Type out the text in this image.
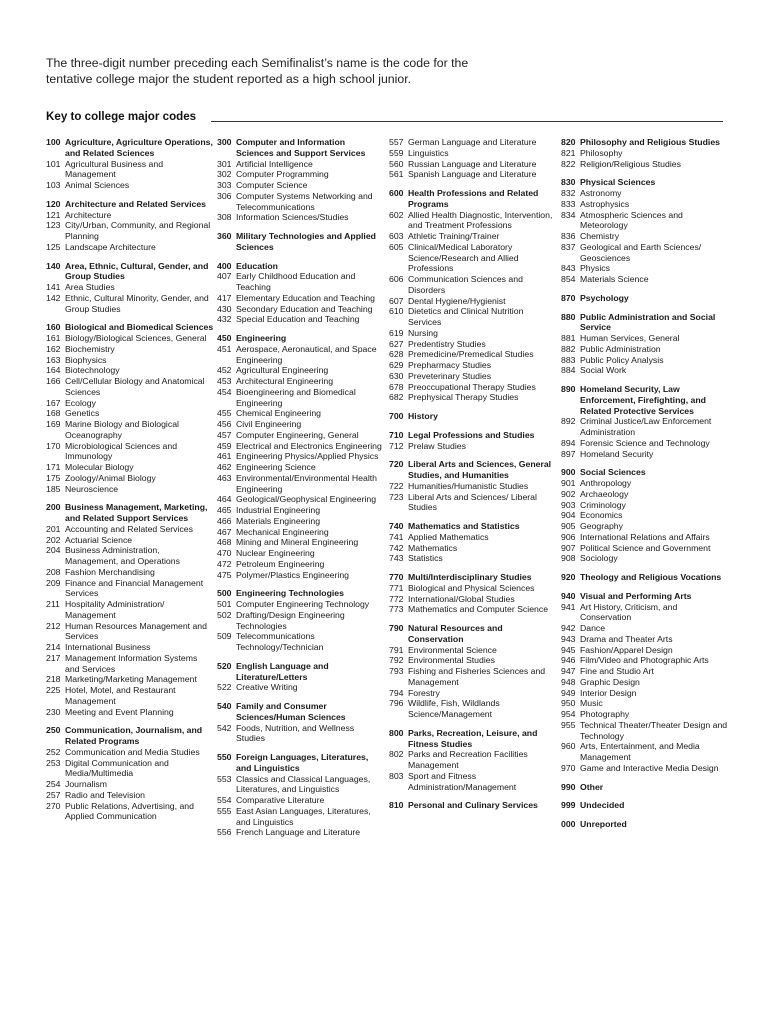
The three-digit number preceding each Semifinalist’s name is the code for the tentative college major the student reported as a high school junior.

Key to college major codes
100 Agriculture, Agriculture Operations, and Related Sciences
101 Agricultural Business and Management
103 Animal Sciences
120 Architecture and Related Services
121 Architecture
123 City/Urban, Community, and Regional Planning
125 Landscape Architecture
140 Area, Ethnic, Cultural, Gender, and Group Studies
141 Area Studies
142 Ethnic, Cultural Minority, Gender, and Group Studies
160 Biological and Biomedical Sciences
161 Biology/Biological Sciences, General
162 Biochemistry
163 Biophysics
164 Biotechnology
166 Cell/Cellular Biology and Anatomical Sciences
167 Ecology
168 Genetics
169 Marine Biology and Biological Oceanography
170 Microbiological Sciences and Immunology
171 Molecular Biology
175 Zoology/Animal Biology
185 Neuroscience
200 Business Management, Marketing, and Related Support Services
201 Accounting and Related Services
202 Actuarial Science
204 Business Administration, Management, and Operations
208 Fashion Merchandising
209 Finance and Financial Management Services
211 Hospitality Administration/ Management
212 Human Resources Management and Services
214 International Business
217 Management Information Systems and Services
218 Marketing/Marketing Management
225 Hotel, Motel, and Restaurant Management
230 Meeting and Event Planning
250 Communication, Journalism, and Related Programs
252 Communication and Media Studies
253 Digital Communication and Media/Multimedia
254 Journalism
257 Radio and Television
270 Public Relations, Advertising, and Applied Communication
300 Computer and Information Sciences and Support Services
301 Artificial Intelligence
302 Computer Programming
303 Computer Science
306 Computer Systems Networking and Telecommunications
308 Information Sciences/Studies
360 Military Technologies and Applied Sciences
400 Education
407 Early Childhood Education and Teaching
417 Elementary Education and Teaching
430 Secondary Education and Teaching
432 Special Education and Teaching
450 Engineering
451 Aerospace, Aeronautical, and Space Engineering
452 Agricultural Engineering
453 Architectural Engineering
454 Bioengineering and Biomedical Engineering
455 Chemical Engineering
456 Civil Engineering
457 Computer Engineering, General
459 Electrical and Electronics Engineering
461 Engineering Physics/Applied Physics
462 Engineering Science
463 Environmental/Environmental Health Engineering
464 Geological/Geophysical Engineering
465 Industrial Engineering
466 Materials Engineering
467 Mechanical Engineering
468 Mining and Mineral Engineering
470 Nuclear Engineering
472 Petroleum Engineering
475 Polymer/Plastics Engineering
500 Engineering Technologies
501 Computer Engineering Technology
502 Drafting/Design Engineering Technologies
509 Telecommunications Technology/Technician
520 English Language and Literature/Letters
522 Creative Writing
540 Family and Consumer Sciences/Human Sciences
542 Foods, Nutrition, and Wellness Studies
550 Foreign Languages, Literatures, and Linguistics
553 Classics and Classical Languages, Literatures, and Linguistics
554 Comparative Literature
555 East Asian Languages, Literatures, and Linguistics
556 French Language and Literature
557 German Language and Literature
559 Linguistics
560 Russian Language and Literature
561 Spanish Language and Literature
600 Health Professions and Related Programs
602 Allied Health Diagnostic, Intervention, and Treatment Professions
603 Athletic Training/Trainer
605 Clinical/Medical Laboratory Science/Research and Allied Professions
606 Communication Sciences and Disorders
607 Dental Hygiene/Hygienist
610 Dietetics and Clinical Nutrition Services
619 Nursing
627 Predentistry Studies
628 Premedicine/Premedical Studies
629 Prepharmacy Studies
630 Preveterinary Studies
678 Preoccupational Therapy Studies
682 Prephysical Therapy Studies
700 History
710 Legal Professions and Studies
712 Prelaw Studies
720 Liberal Arts and Sciences, General Studies, and Humanities
722 Humanities/Humanistic Studies
723 Liberal Arts and Sciences/ Liberal Studies
740 Mathematics and Statistics
741 Applied Mathematics
742 Mathematics
743 Statistics
770 Multi/Interdisciplinary Studies
771 Biological and Physical Sciences
772 International/Global Studies
773 Mathematics and Computer Science
790 Natural Resources and Conservation
791 Environmental Science
792 Environmental Studies
793 Fishing and Fisheries Sciences and Management
794 Forestry
796 Wildlife, Fish, Wildlands Science/Management
800 Parks, Recreation, Leisure, and Fitness Studies
802 Parks and Recreation Facilities Management
803 Sport and Fitness Administration/Management
810 Personal and Culinary Services
820 Philosophy and Religious Studies
821 Philosophy
822 Religion/Religious Studies
830 Physical Sciences
832 Astronomy
833 Astrophysics
834 Atmospheric Sciences and Meteorology
836 Chemistry
837 Geological and Earth Sciences/ Geosciences
843 Physics
854 Materials Science
870 Psychology
880 Public Administration and Social Service
881 Human Services, General
882 Public Administration
883 Public Policy Analysis
884 Social Work
890 Homeland Security, Law Enforcement, Firefighting, and Related Protective Services
892 Criminal Justice/Law Enforcement Administration
894 Forensic Science and Technology
897 Homeland Security
900 Social Sciences
901 Anthropology
902 Archaeology
903 Criminology
904 Economics
905 Geography
906 International Relations and Affairs
907 Political Science and Government
908 Sociology
920 Theology and Religious Vocations
940 Visual and Performing Arts
941 Art History, Criticism, and Conservation
942 Dance
943 Drama and Theater Arts
945 Fashion/Apparel Design
946 Film/Video and Photographic Arts
947 Fine and Studio Art
948 Graphic Design
949 Interior Design
950 Music
954 Photography
955 Technical Theater/Theater Design and Technology
960 Arts, Entertainment, and Media Management
970 Game and Interactive Media Design
990 Other
999 Undecided
000 Unreported
